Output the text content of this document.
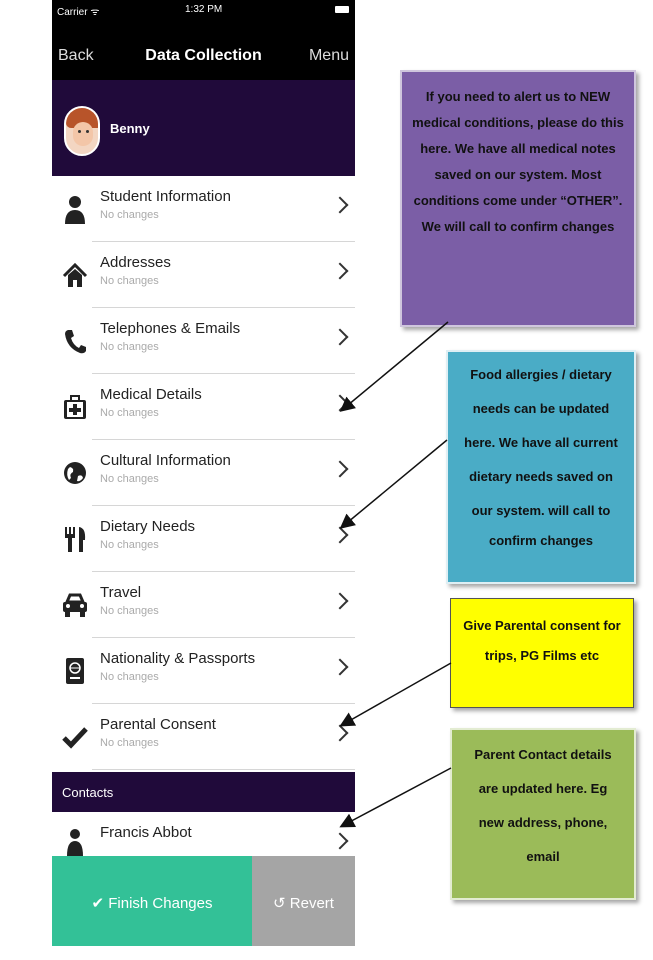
Carrier ᯤ	1:32 PM
Back	Data Collection	Menu
Benny
Student Information
No changes
Addresses
No changes
Telephones & Emails
No changes
Medical Details
No changes
Cultural Information
No changes
Dietary Needs
No changes
Travel
No changes
Nationality & Passports
No changes
Parental Consent
No changes
Contacts
Francis Abbot
✔ Finish Changes	↺ Revert
If you need to alert us to NEW
medical conditions, please do this
here. We have all medical notes
saved on our system. Most
conditions come under “OTHER”.
We will call to confirm changes
Food allergies / dietary
needs can be updated
here. We have all current
dietary needs saved on
our system. will call to
confirm changes
Give Parental consent for
trips, PG Films etc
Parent Contact details
are updated here. Eg
new address, phone,
email
